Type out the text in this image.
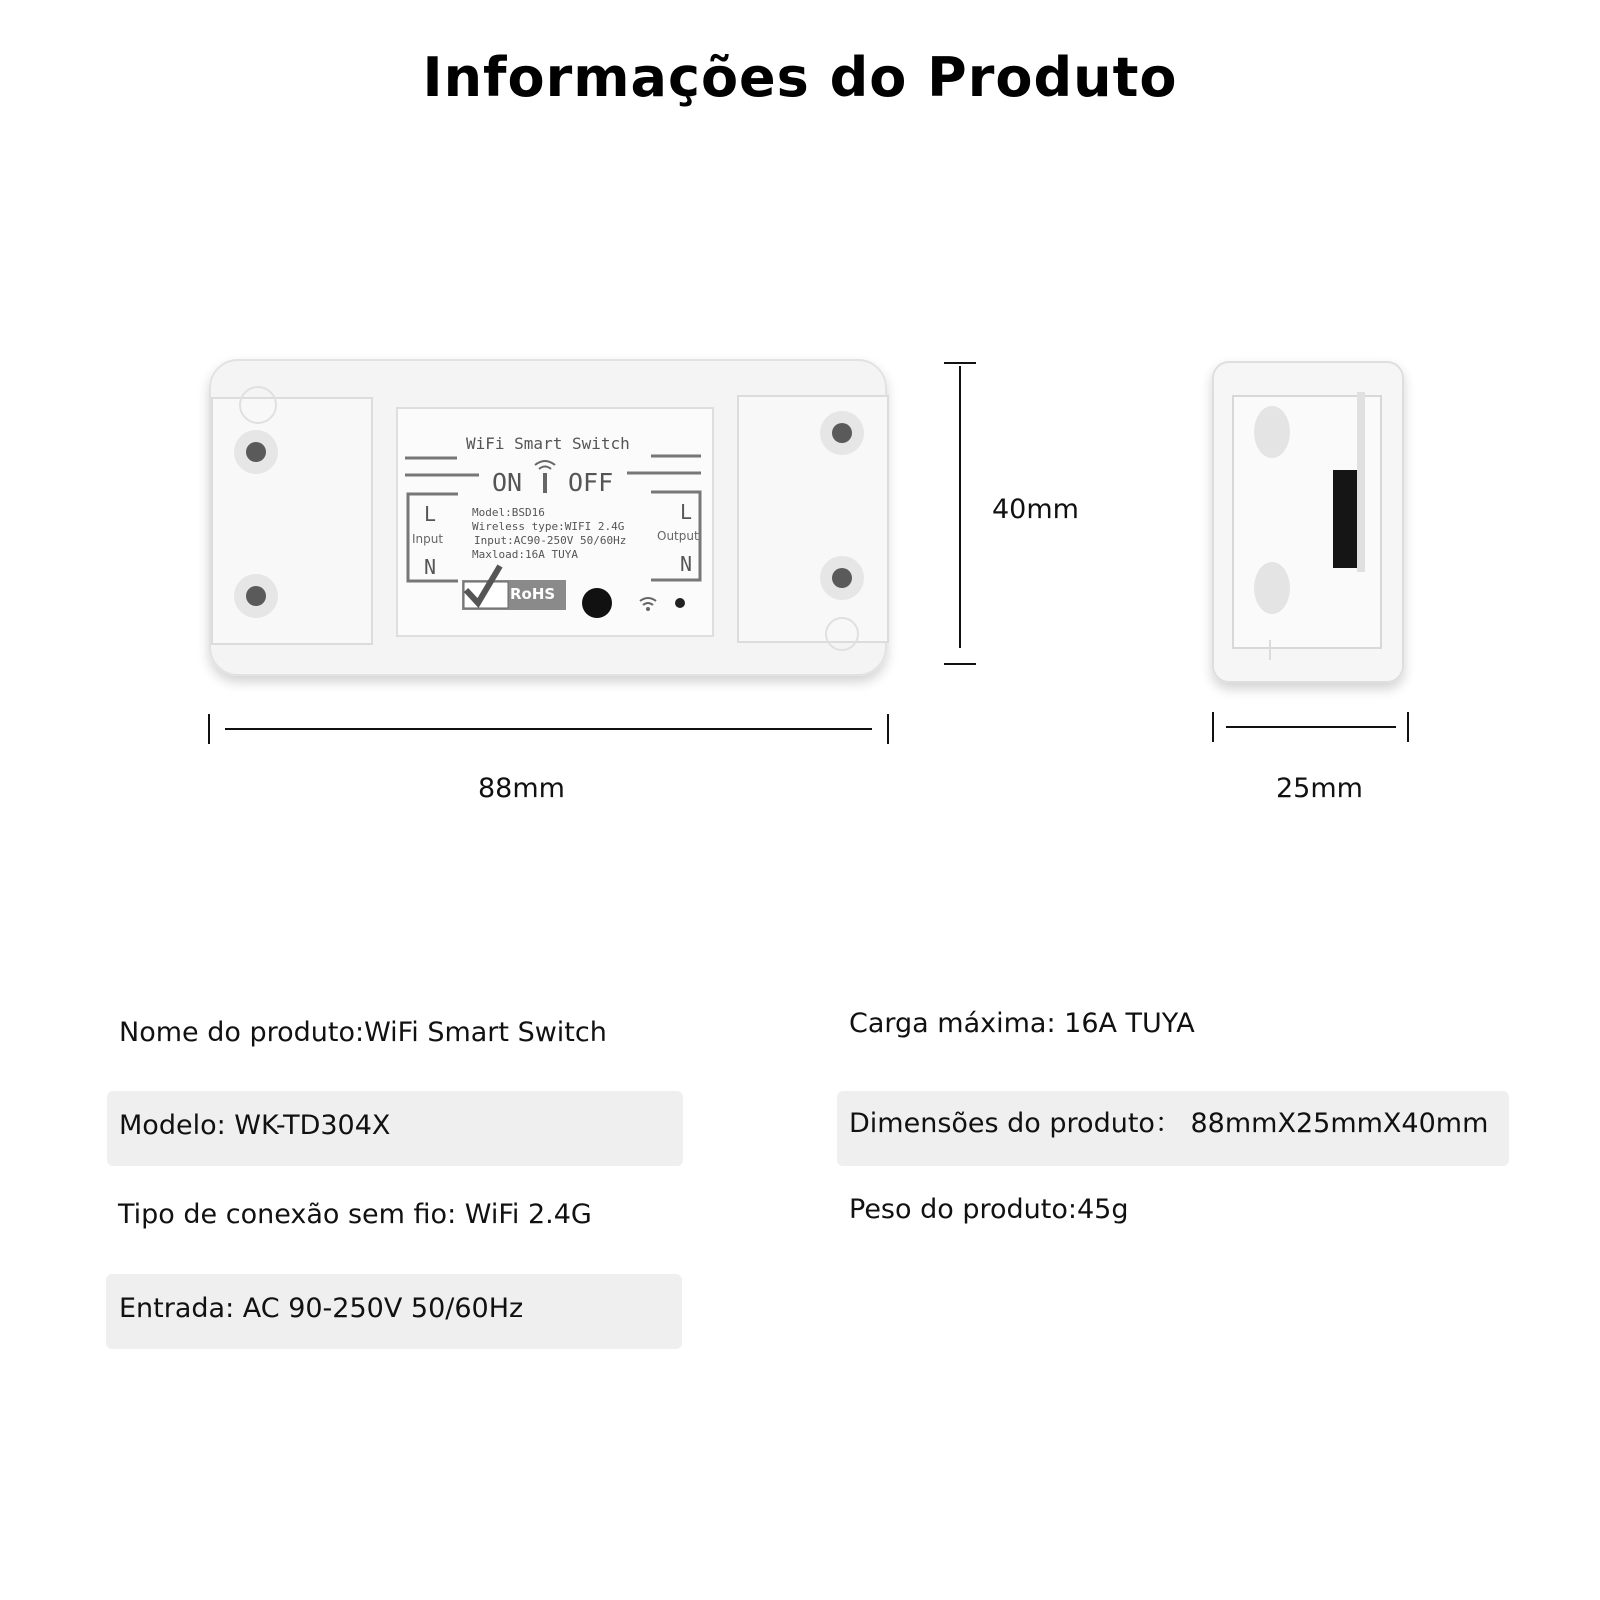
Informações do Produto
WiFi Smart Switch
ON OFF
L
Input
N
L
Output
N
Model:BSD16
Wireless type:WIFI 2.4G
Input:AC90-250V 50/60Hz
Maxload:16A TUYA
RoHS
40mm
88mm	25mm
Nome do produto:WiFi Smart Switch
Modelo: WK-TD304X
Tipo de conexão sem fio: WiFi 2.4G
Entrada: AC 90-250V 50/60Hz
Carga máxima: 16A TUYA
Dimensões do produto： 88mmX25mmX40mm
Peso do produto:45g
